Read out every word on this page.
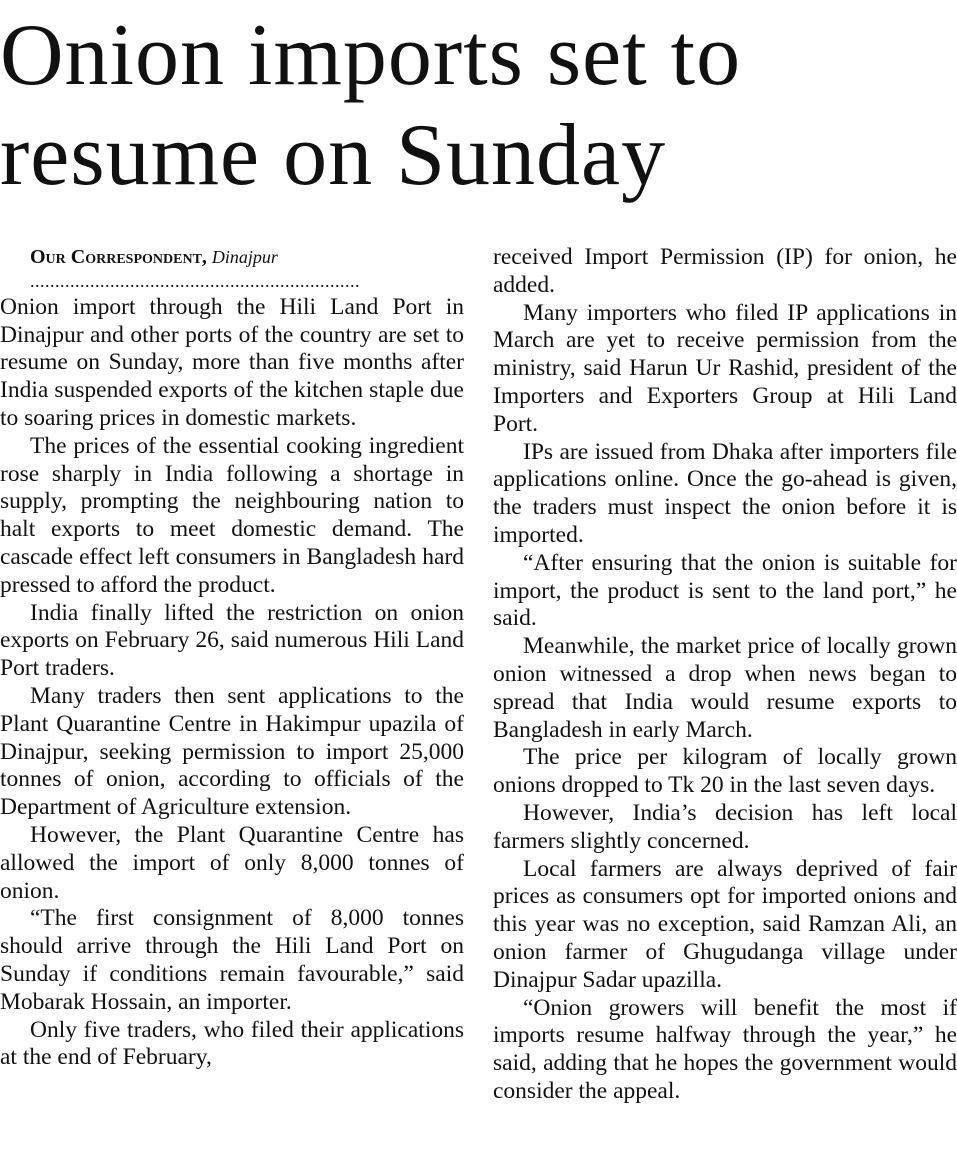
Onion imports set to
resume on Sunday

Our Correspondent, Dinajpur

..................................................................

Onion import through the Hili Land Port in Dinajpur and other ports of the country are set to resume on Sunday, more than five months after India suspended exports of the kitchen staple due to soaring prices in domestic markets.

The prices of the essential cooking ingredient rose sharply in India following a shortage in supply, prompting the neighbouring nation to halt exports to meet domestic demand. The cascade effect left consumers in Bangladesh hard pressed to afford the product.

India finally lifted the restriction on onion exports on February 26, said numerous Hili Land Port traders.

Many traders then sent applications to the Plant Quarantine Centre in Hakimpur upazila of Dinajpur, seeking permission to import 25,000 tonnes of onion, according to officials of the Department of Agriculture extension.

However, the Plant Quarantine Centre has allowed the import of only 8,000 tonnes of onion.

“The first consignment of 8,000 tonnes should arrive through the Hili Land Port on Sunday if conditions remain favourable,” said Mobarak Hossain, an importer.

Only five traders, who filed their applications at the end of February,

received Import Permission (IP) for onion, he added.

Many importers who filed IP applications in March are yet to receive permission from the ministry, said Harun Ur Rashid, president of the Importers and Exporters Group at Hili Land Port.

IPs are issued from Dhaka after importers file applications online. Once the go-ahead is given, the traders must inspect the onion before it is imported.

“After ensuring that the onion is suitable for import, the product is sent to the land port,” he said.

Meanwhile, the market price of locally grown onion witnessed a drop when news began to spread that India would resume exports to Bangladesh in early March.

The price per kilogram of locally grown onions dropped to Tk 20 in the last seven days.

However, India’s decision has left local farmers slightly concerned.

Local farmers are always deprived of fair prices as consumers opt for imported onions and this year was no exception, said Ramzan Ali, an onion farmer of Ghugudanga village under Dinajpur Sadar upazilla.

“Onion growers will benefit the most if imports resume halfway through the year,” he said, adding that he hopes the government would consider the appeal.
